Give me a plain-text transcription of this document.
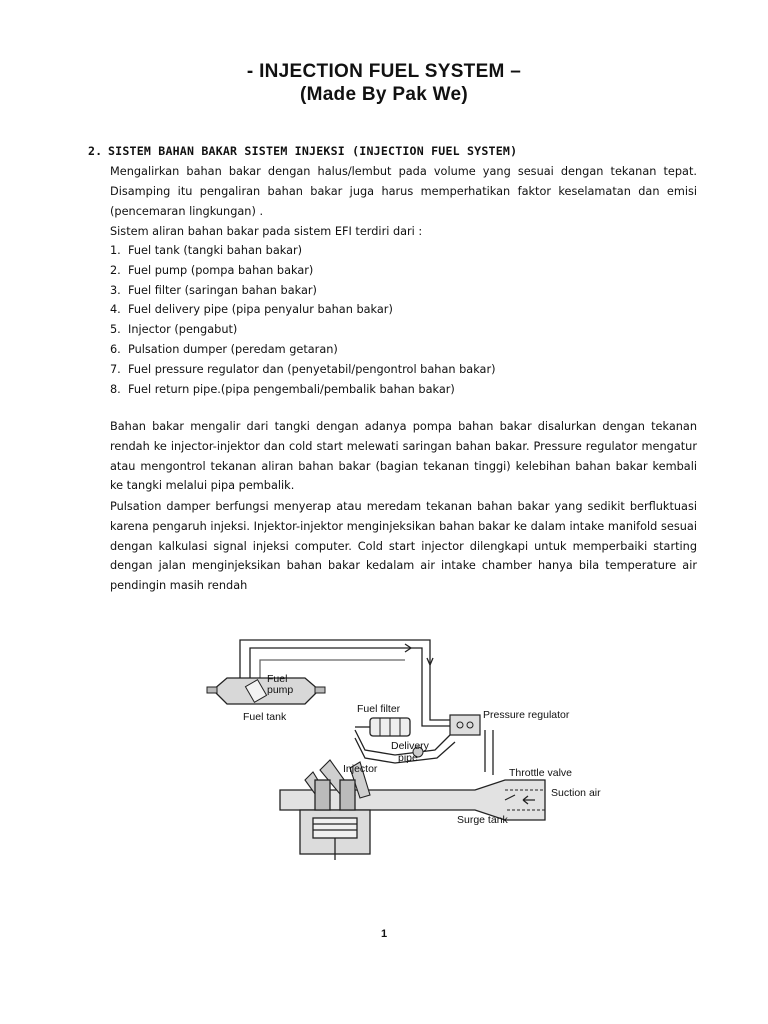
- INJECTION FUEL SYSTEM –
(Made By Pak We)
2. SISTEM BAHAN BAKAR SISTEM INJEKSI (INJECTION FUEL SYSTEM)

Mengalirkan bahan bakar dengan halus/lembut pada volume yang sesuai dengan tekanan tepat. Disamping itu pengaliran bahan bakar juga harus memperhatikan faktor keselamatan dan emisi (pencemaran lingkungan) .

Sistem aliran bahan bakar pada sistem EFI terdiri dari :
1. Fuel tank (tangki bahan bakar)
2. Fuel pump (pompa bahan bakar)
3. Fuel filter (saringan bahan bakar)
4. Fuel delivery pipe (pipa penyalur bahan bakar)
5. Injector (pengabut)
6. Pulsation dumper (peredam getaran)
7. Fuel pressure regulator dan (penyetabil/pengontrol bahan bakar)
8. Fuel return pipe.(pipa pengembali/pembalik bahan bakar)

Bahan bakar mengalir dari tangki dengan adanya pompa bahan bakar disalurkan dengan tekanan rendah ke injector-injektor dan cold start melewati saringan bahan bakar. Pressure regulator mengatur atau mengontrol tekanan aliran bahan bakar (bagian tekanan tinggi) kelebihan bahan bakar kembali ke tangki melalui pipa pembalik.

Pulsation damper berfungsi menyerap atau meredam tekanan bahan bakar yang sedikit berfluktuasi karena pengaruh injeksi. Injektor-injektor menginjeksikan bahan bakar ke dalam intake manifold sesuai dengan kalkulasi signal injeksi computer. Cold start injector dilengkapi untuk memperbaiki starting dengan jalan menginjeksikan bahan bakar kedalam air intake chamber hanya bila temperature air pendingin masih rendah

Fuel
pump
Fuel tank
Fuel filter	Pressure regulator
Delivery
pipe
Injector	Throttle valve
Suction air
Surge tank
1
